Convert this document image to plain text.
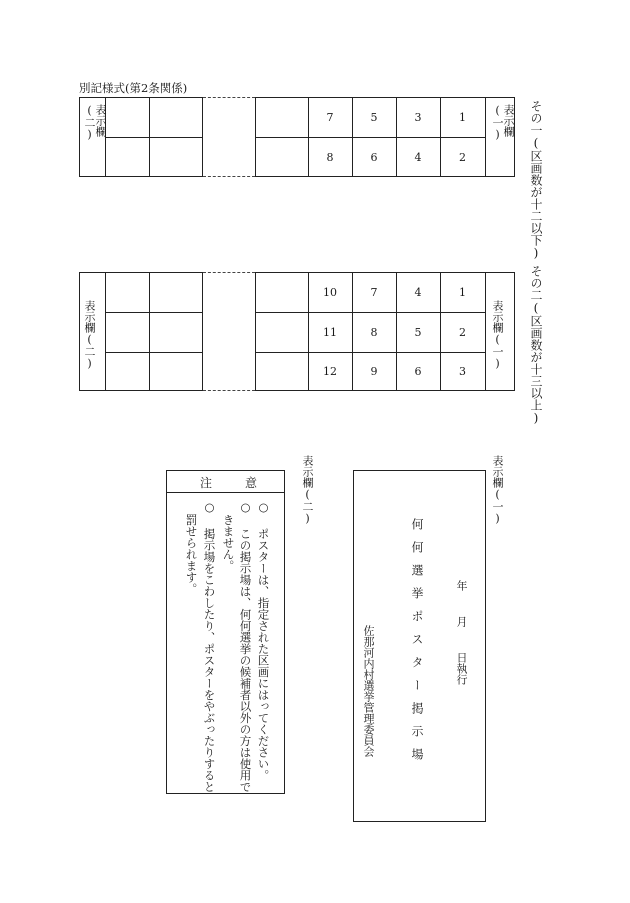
別記様式(第2条関係)
表示欄(二)	表示欄(一)
7	5	3	1
8	6	4	2	その一(区画数が十二以下)
表示欄(二)	表示欄(一)
10	7	4	1
11	8	5	2
12	9	6	3	その二(区画数が十三以上)
表示欄(一)
年 月 日執行
何何選挙ポスター掲示場
佐那河内村選挙管理委員会
表示欄(二)
注	意
○ ポスターは、指定された区画にはってください。
○ この掲示場は、何何選挙の候補者以外の方は使用で
きません。
○ 掲示場をこわしたり、ポスターをやぶったりすると
罰せられます。
